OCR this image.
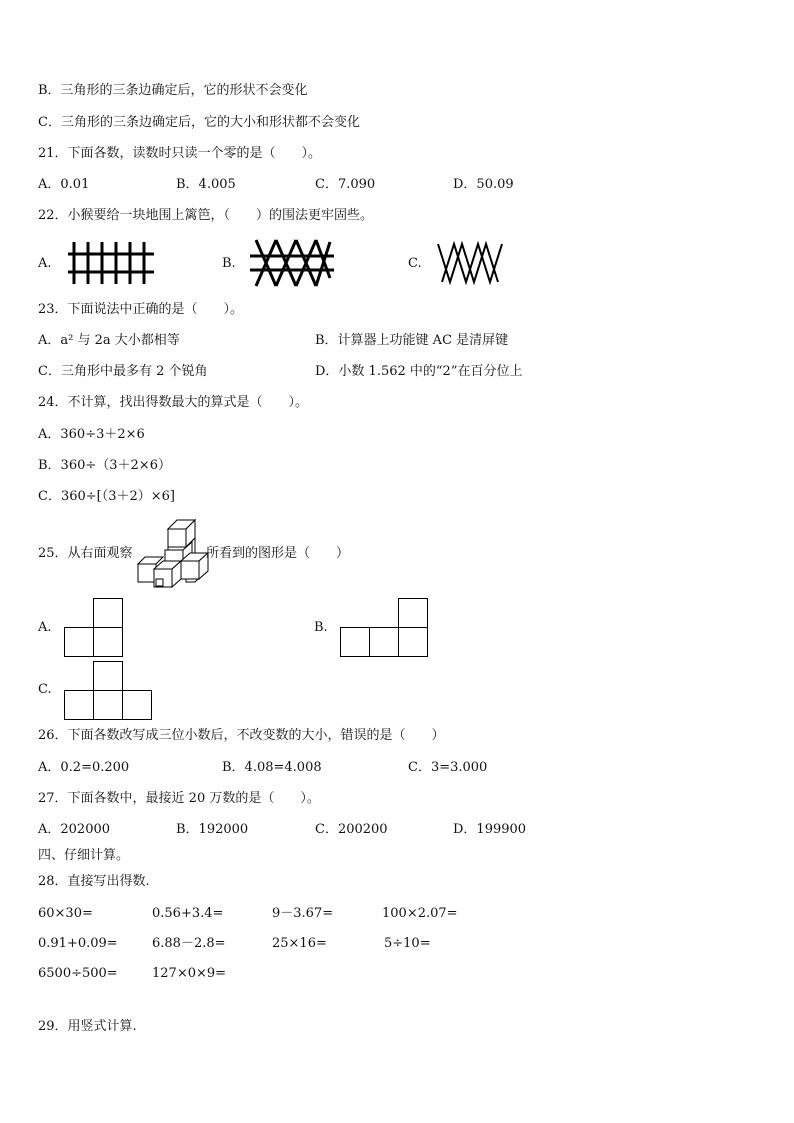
B．三角形的三条边确定后，它的形状不会变化
C．三角形的三条边确定后，它的大小和形状都不会变化
21．下面各数，读数时只读一个零的是（　　）。
A．0.01	B．4.005	C．7.090	D．50.09
22．小猴要给一块地围上篱笆，（　　）的围法更牢固些。
A.	B.	C.
23．下面说法中正确的是（　　）。
A．a² 与 2a 大小都相等	B．计算器上功能键 AC 是清屏键
C．三角形中最多有 2 个锐角	D．小数 1.562 中的“2”在百分位上
24．不计算，找出得数最大的算式是（　　）。
A．360÷3＋2×6
B．360÷（3＋2×6）
C．360÷[（3＋2）×6]
25．从右面观察	所看到的图形是（　　）
A.	B.
C.
26．下面各数改写成三位小数后，不改变数的大小，错误的是（　　）
A．0.2=0.200	B．4.08=4.008	C．3=3.000
27．下面各数中，最接近 20 万数的是（　　）。
A．202000	B．192000	C．200200	D．199900
四、仔细计算。
28．直接写出得数.
60×30=	0.56+3.4=	9－3.67=	100×2.07=
0.91+0.09=	6.88－2.8=	25×16=	5÷10=
6500÷500=	127×0×9=
29．用竖式计算.
